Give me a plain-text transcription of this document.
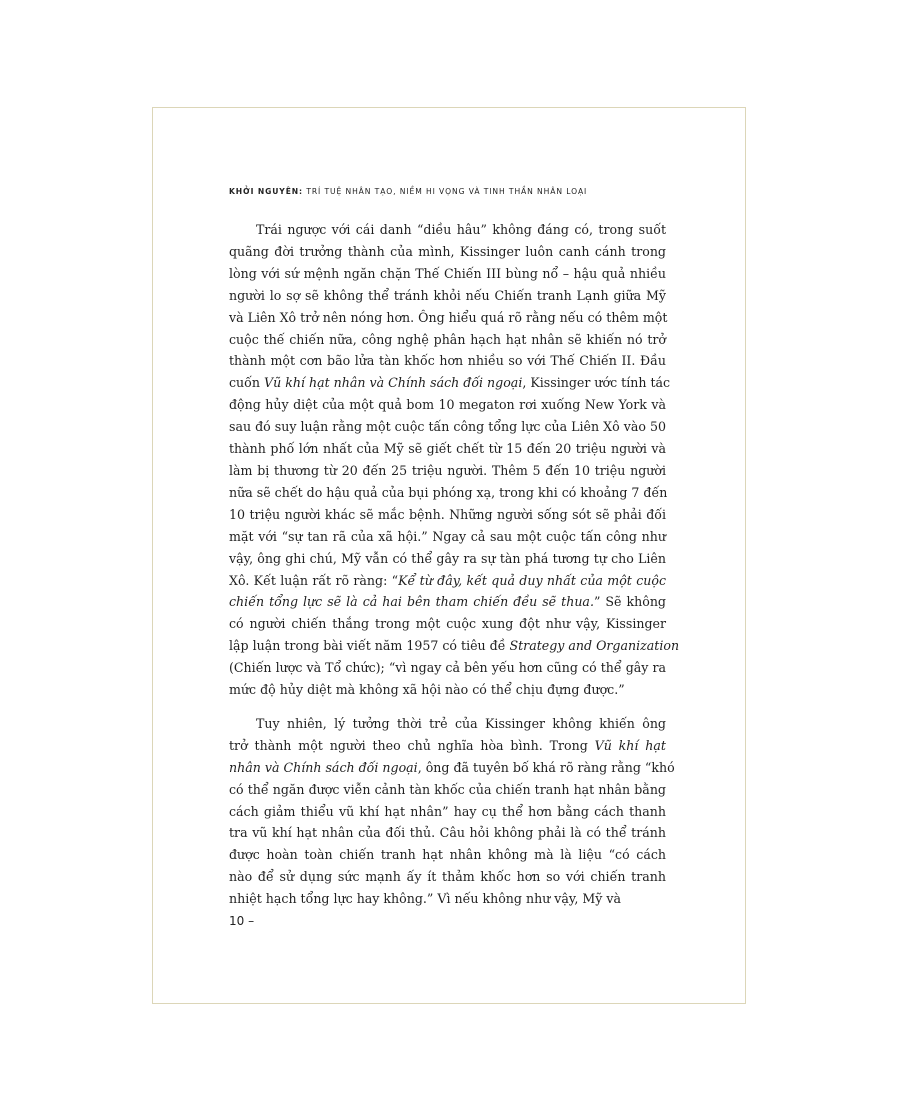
KHỞI NGUYÊN: TRÍ TUỆ NHÂN TẠO, NIỀM HI VỌNG VÀ TINH THẦN NHÂN LOẠI

Trái ngược với cái danh “diều hâu” không đáng có, trong suốt
quãng đời trưởng thành của mình, Kissinger luôn canh cánh trong
lòng với sứ mệnh ngăn chặn Thế Chiến III bùng nổ – hậu quả nhiều
người lo sợ sẽ không thể tránh khỏi nếu Chiến tranh Lạnh giữa Mỹ
và Liên Xô trở nên nóng hơn. Ông hiểu quá rõ rằng nếu có thêm một
cuộc thế chiến nữa, công nghệ phân hạch hạt nhân sẽ khiến nó trở
thành một cơn bão lửa tàn khốc hơn nhiều so với Thế Chiến II. Đầu
cuốn Vũ khí hạt nhân và Chính sách đối ngoại, Kissinger ước tính tác
động hủy diệt của một quả bom 10 megaton rơi xuống New York và
sau đó suy luận rằng một cuộc tấn công tổng lực của Liên Xô vào 50
thành phố lớn nhất của Mỹ sẽ giết chết từ 15 đến 20 triệu người và
làm bị thương từ 20 đến 25 triệu người. Thêm 5 đến 10 triệu người
nữa sẽ chết do hậu quả của bụi phóng xạ, trong khi có khoảng 7 đến
10 triệu người khác sẽ mắc bệnh. Những người sống sót sẽ phải đối
mặt với “sự tan rã của xã hội.” Ngay cả sau một cuộc tấn công như
vậy, ông ghi chú, Mỹ vẫn có thể gây ra sự tàn phá tương tự cho Liên
Xô. Kết luận rất rõ ràng: “Kể từ đây, kết quả duy nhất của một cuộc
chiến tổng lực sẽ là cả hai bên tham chiến đều sẽ thua.” Sẽ không
có người chiến thắng trong một cuộc xung đột như vậy, Kissinger
lập luận trong bài viết năm 1957 có tiêu đề Strategy and Organization
(Chiến lược và Tổ chức); “vì ngay cả bên yếu hơn cũng có thể gây ra
mức độ hủy diệt mà không xã hội nào có thể chịu đựng được.”

Tuy nhiên, lý tưởng thời trẻ của Kissinger không khiến ông
trở thành một người theo chủ nghĩa hòa bình. Trong Vũ khí hạt
nhân và Chính sách đối ngoại, ông đã tuyên bố khá rõ ràng rằng “khó
có thể ngăn được viễn cảnh tàn khốc của chiến tranh hạt nhân bằng
cách giảm thiểu vũ khí hạt nhân” hay cụ thể hơn bằng cách thanh
tra vũ khí hạt nhân của đối thủ. Câu hỏi không phải là có thể tránh
được hoàn toàn chiến tranh hạt nhân không mà là liệu “có cách
nào để sử dụng sức mạnh ấy ít thảm khốc hơn so với chiến tranh
nhiệt hạch tổng lực hay không.” Vì nếu không như vậy, Mỹ và

10 –
